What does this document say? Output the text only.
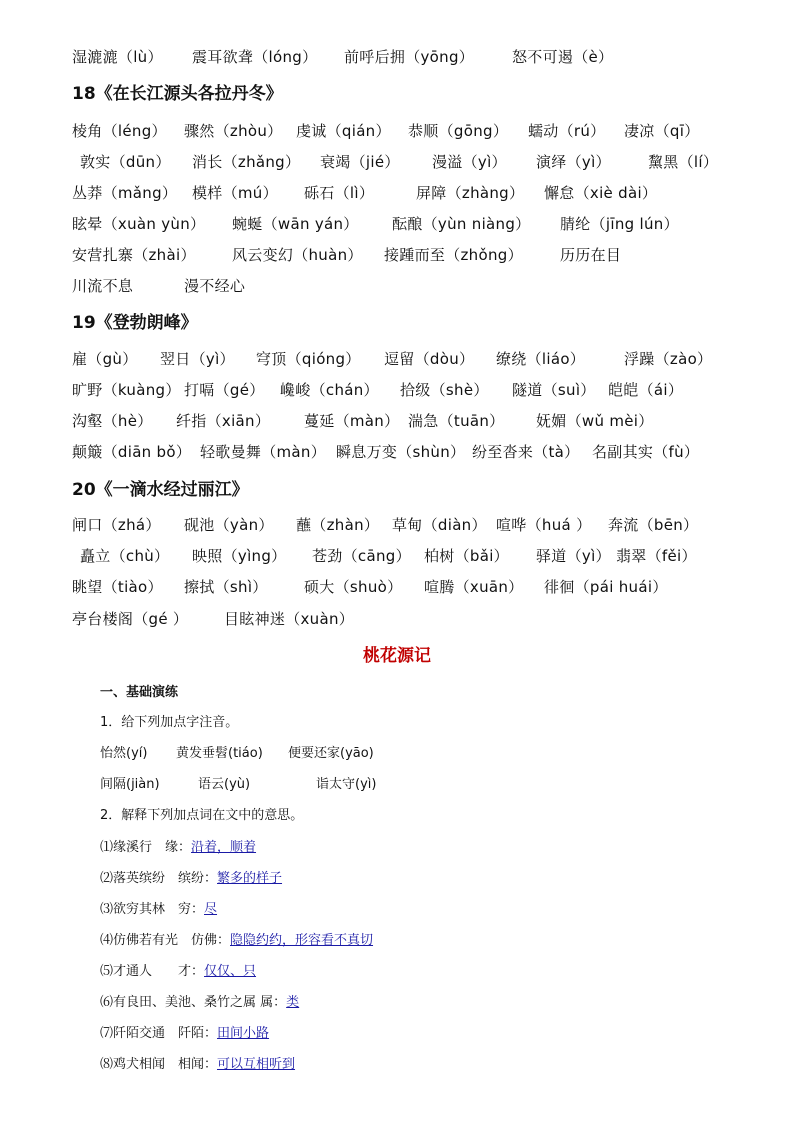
湿漉漉（lù） 震耳欲聋（lóng） 前呼后拥（yōng）	怒不可遏（è）
18《在长江源头各拉丹冬》
棱角（léng） 骤然（zhòu） 虔诚（qián） 恭顺（gōng） 蠕动（rú） 凄凉（qī）
敦实（dūn） 消长（zhǎng） 衰竭（jié） 漫溢（yì） 演绎（yì） 黧黑（lí）
丛莽（mǎng） 模样（mú） 砾石（lì）	屏障（zhàng） 懈怠（xiè dài）
眩晕（xuàn yùn） 蜿蜒（wān yán） 酝酿（yùn niàng） 腈纶（jīng lún）
安营扎寨（zhài） 风云变幻（huàn） 接踵而至（zhǒng） 历历在目
川流不息	漫不经心
19《登勃朗峰》
雇（gù） 翌日（yì） 穹顶（qióng） 逗留（dòu） 缭绕（liáo）	浮躁（zào）
旷野（kuàng） 打嗝（gé） 巉峻（chán） 拾级（shè） 隧道（suì） 皑皑（ái）
沟壑（hè） 纤指（xiān） 蔓延（màn） 湍急（tuān） 妩媚（wǔ mèi）
颠簸（diān bǒ） 轻歌曼舞（màn） 瞬息万变（shùn） 纷至沓来（tà） 名副其实（fù）
20《一滴水经过丽江》
闸口（zhá） 砚池（yàn） 蘸（zhàn） 草甸（diàn） 喧哗（huá ） 奔流（bēn）
矗立（chù） 映照（yìng） 苍劲（cāng） 柏树（bǎi） 驿道（yì） 翡翠（fěi）
眺望（tiào） 擦拭（shì） 硕大（shuò） 喧腾（xuān） 徘徊（pái huái）
亭台楼阁（gé ） 目眩神迷（xuàn）
桃花源记
一、基础演练
1．给下列加点字注音。
怡然(yí) 黄发垂髫(tiáo) 便要还家(yāo)
间隔(jiàn)	语云(yù)	诣太守(yì)
2．解释下列加点词在文中的意思。
⑴缘溪行　缘：沿着，顺着
⑵落英缤纷　缤纷：繁多的样子
⑶欲穷其林　穷：尽
⑷仿佛若有光　仿佛：隐隐约约，形容看不真切
⑸才通人　　才：仅仅、只
⑹有良田、美池、桑竹之属 属：类
⑺阡陌交通　阡陌：田间小路
⑻鸡犬相闻　相闻：可以互相听到
